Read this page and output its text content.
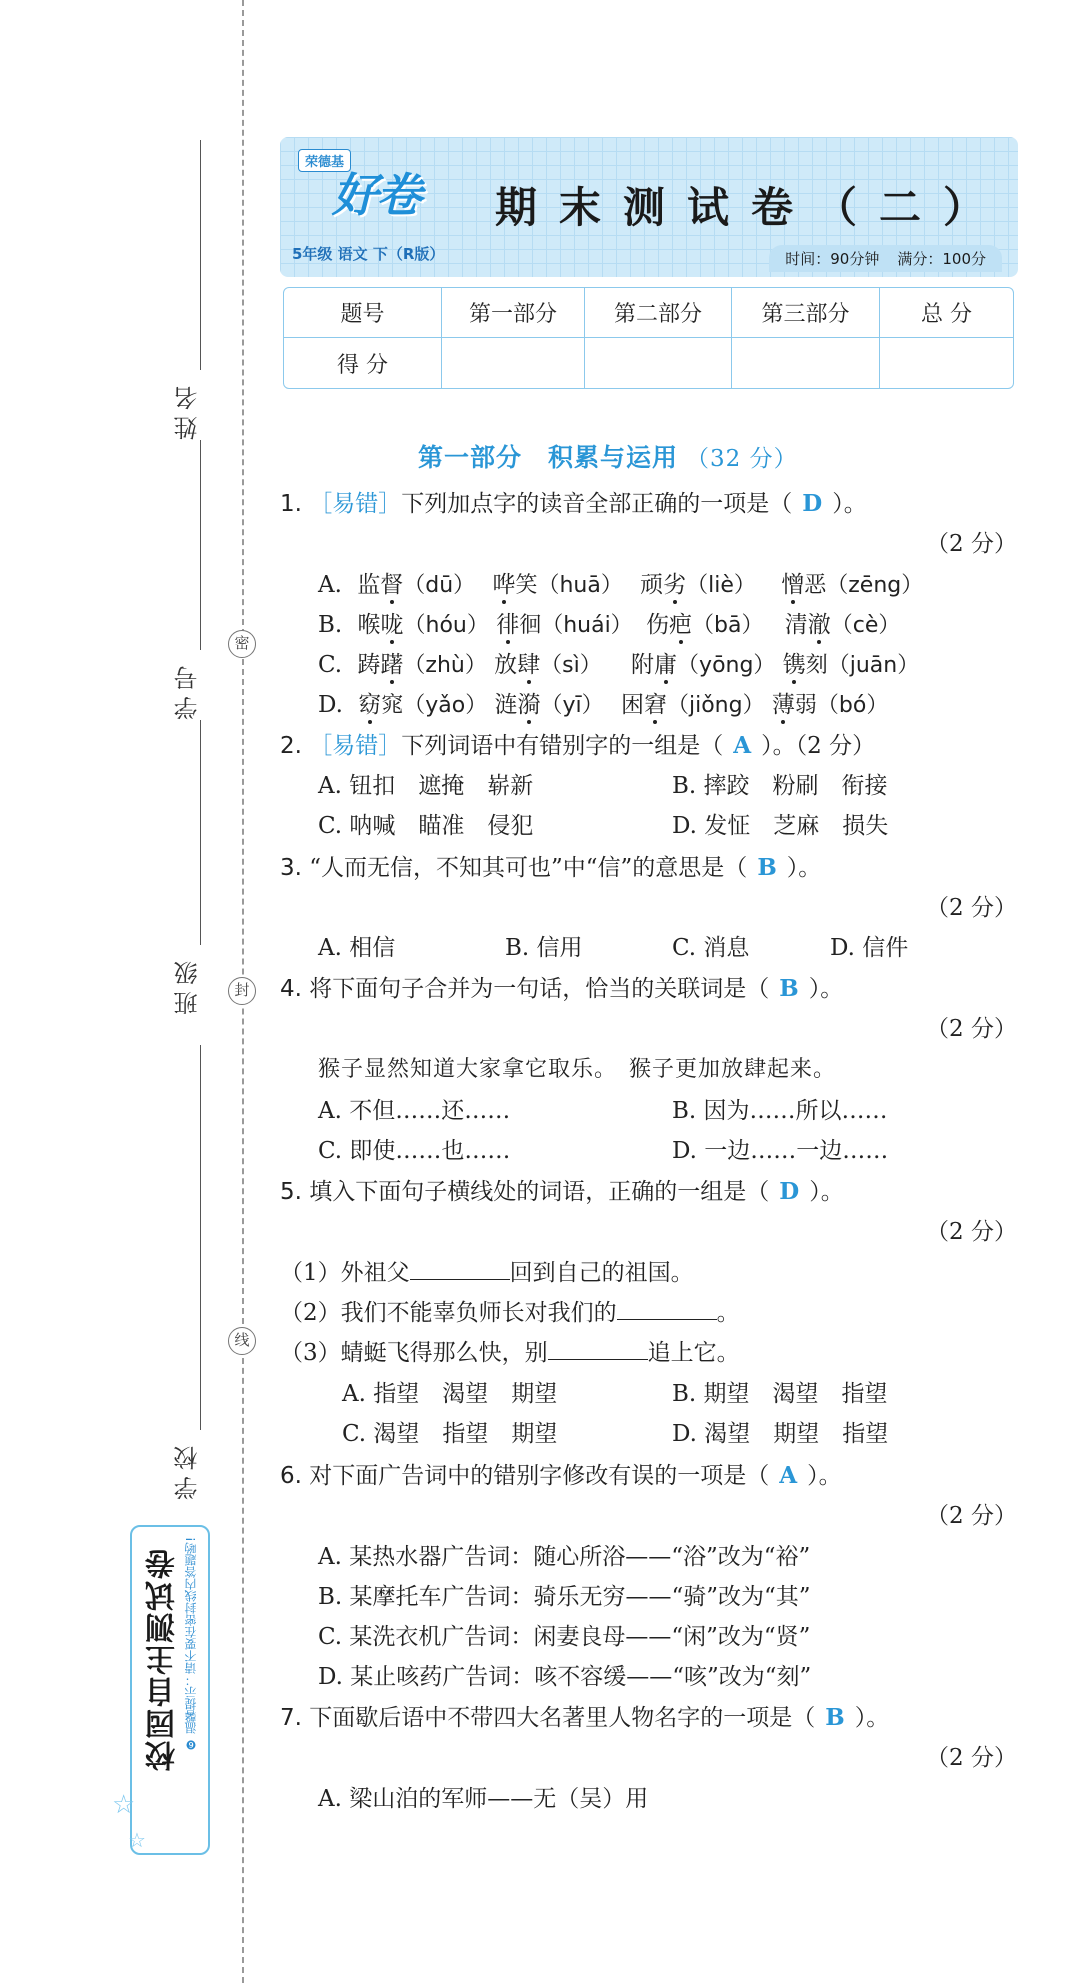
姓名
学号
班级
学校
密
封
线
校园自主测试卷 ❻ 温馨提示：请不要在密封线内答题哟!
☆
☆
荣德基
好卷 期末测试卷（二）
5年级 语文 下（R版）	时间：90分钟 满分：100分
题号	第一部分	第二部分	第三部分	总 分
得 分				
第一部分　积累与运用 （32 分）
1. ［易错］下列加点字的读音全部正确的一项是（ D ）。
（2 分）
A. 监督（dū） 哗笑（huā） 顽劣（liè） 憎恶（zēng）
B. 喉咙（hóu） 徘徊（huái） 伤疤（bā） 清澈（cè）
C. 踌躇（zhù） 放肆（sì） 附庸（yōng） 镌刻（juān）
D. 窈窕（yǎo） 涟漪（yī） 困窘（jiǒng） 薄弱（bó）
2. ［易错］下列词语中有错别字的一组是（ A ）。（2 分）
A. 钮扣　遮掩　崭新	B. 摔跤　粉刷　衔接
C. 呐喊　瞄准　侵犯	D. 发怔　芝麻　损失
3. “人而无信，不知其可也”中“信”的意思是（ B ）。
（2 分）
A. 相信	B. 信用	C. 消息	D. 信件
4. 将下面句子合并为一句话，恰当的关联词是（ B ）。
（2 分）
猴子显然知道大家拿它取乐。　猴子更加放肆起来。
A. 不但……还……	B. 因为……所以……
C. 即使……也……	D. 一边……一边……
5. 填入下面句子横线处的词语，正确的一组是（ D ）。
（2 分）
（1）外祖父	回到自己的祖国。
（2）我们不能辜负师长对我们的	。
（3）蜻蜓飞得那么快，别	追上它。
A. 指望　渴望　期望	B. 期望　渴望　指望
C. 渴望　指望　期望	D. 渴望　期望　指望
6. 对下面广告词中的错别字修改有误的一项是（ A ）。
（2 分）
A. 某热水器广告词：随心所浴——“浴”改为“裕”
B. 某摩托车广告词：骑乐无穷——“骑”改为“其”
C. 某洗衣机广告词：闲妻良母——“闲”改为“贤”
D. 某止咳药广告词：咳不容缓——“咳”改为“刻”
7. 下面歇后语中不带四大名著里人物名字的一项是（ B ）。
（2 分）
A. 梁山泊的军师——无（吴）用
